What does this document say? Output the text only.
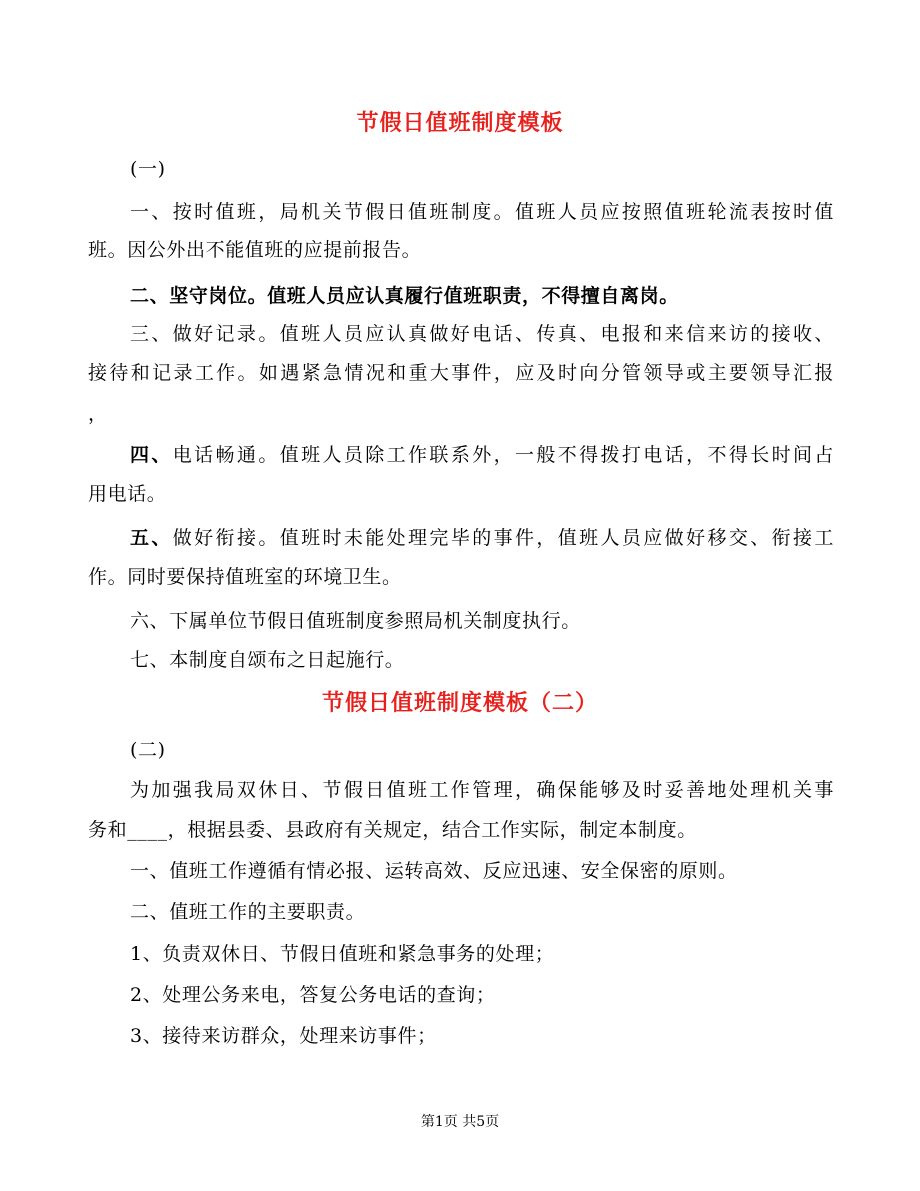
节假日值班制度模板
(一)
一、按时值班，局机关节假日值班制度。值班人员应按照值班轮流表按时值
班。因公外出不能值班的应提前报告。
二、坚守岗位。值班人员应认真履行值班职责，不得擅自离岗。
三、做好记录。值班人员应认真做好电话、传真、电报和来信来访的接收、
接待和记录工作。如遇紧急情况和重大事件，应及时向分管领导或主要领导汇报
，
四、电话畅通。值班人员除工作联系外，一般不得拨打电话，不得长时间占
用电话。
五、做好衔接。值班时未能处理完毕的事件，值班人员应做好移交、衔接工
作。同时要保持值班室的环境卫生。
六、下属单位节假日值班制度参照局机关制度执行。
七、本制度自颂布之日起施行。
节假日值班制度模板（二）
(二)
为加强我局双休日、节假日值班工作管理，确保能够及时妥善地处理机关事
务和____，根据县委、县政府有关规定，结合工作实际，制定本制度。
一、值班工作遵循有情必报、运转高效、反应迅速、安全保密的原则。
二、值班工作的主要职责。
1、负责双休日、节假日值班和紧急事务的处理；
2、处理公务来电，答复公务电话的查询；
3、接待来访群众，处理来访事件；
第1页 共5页
